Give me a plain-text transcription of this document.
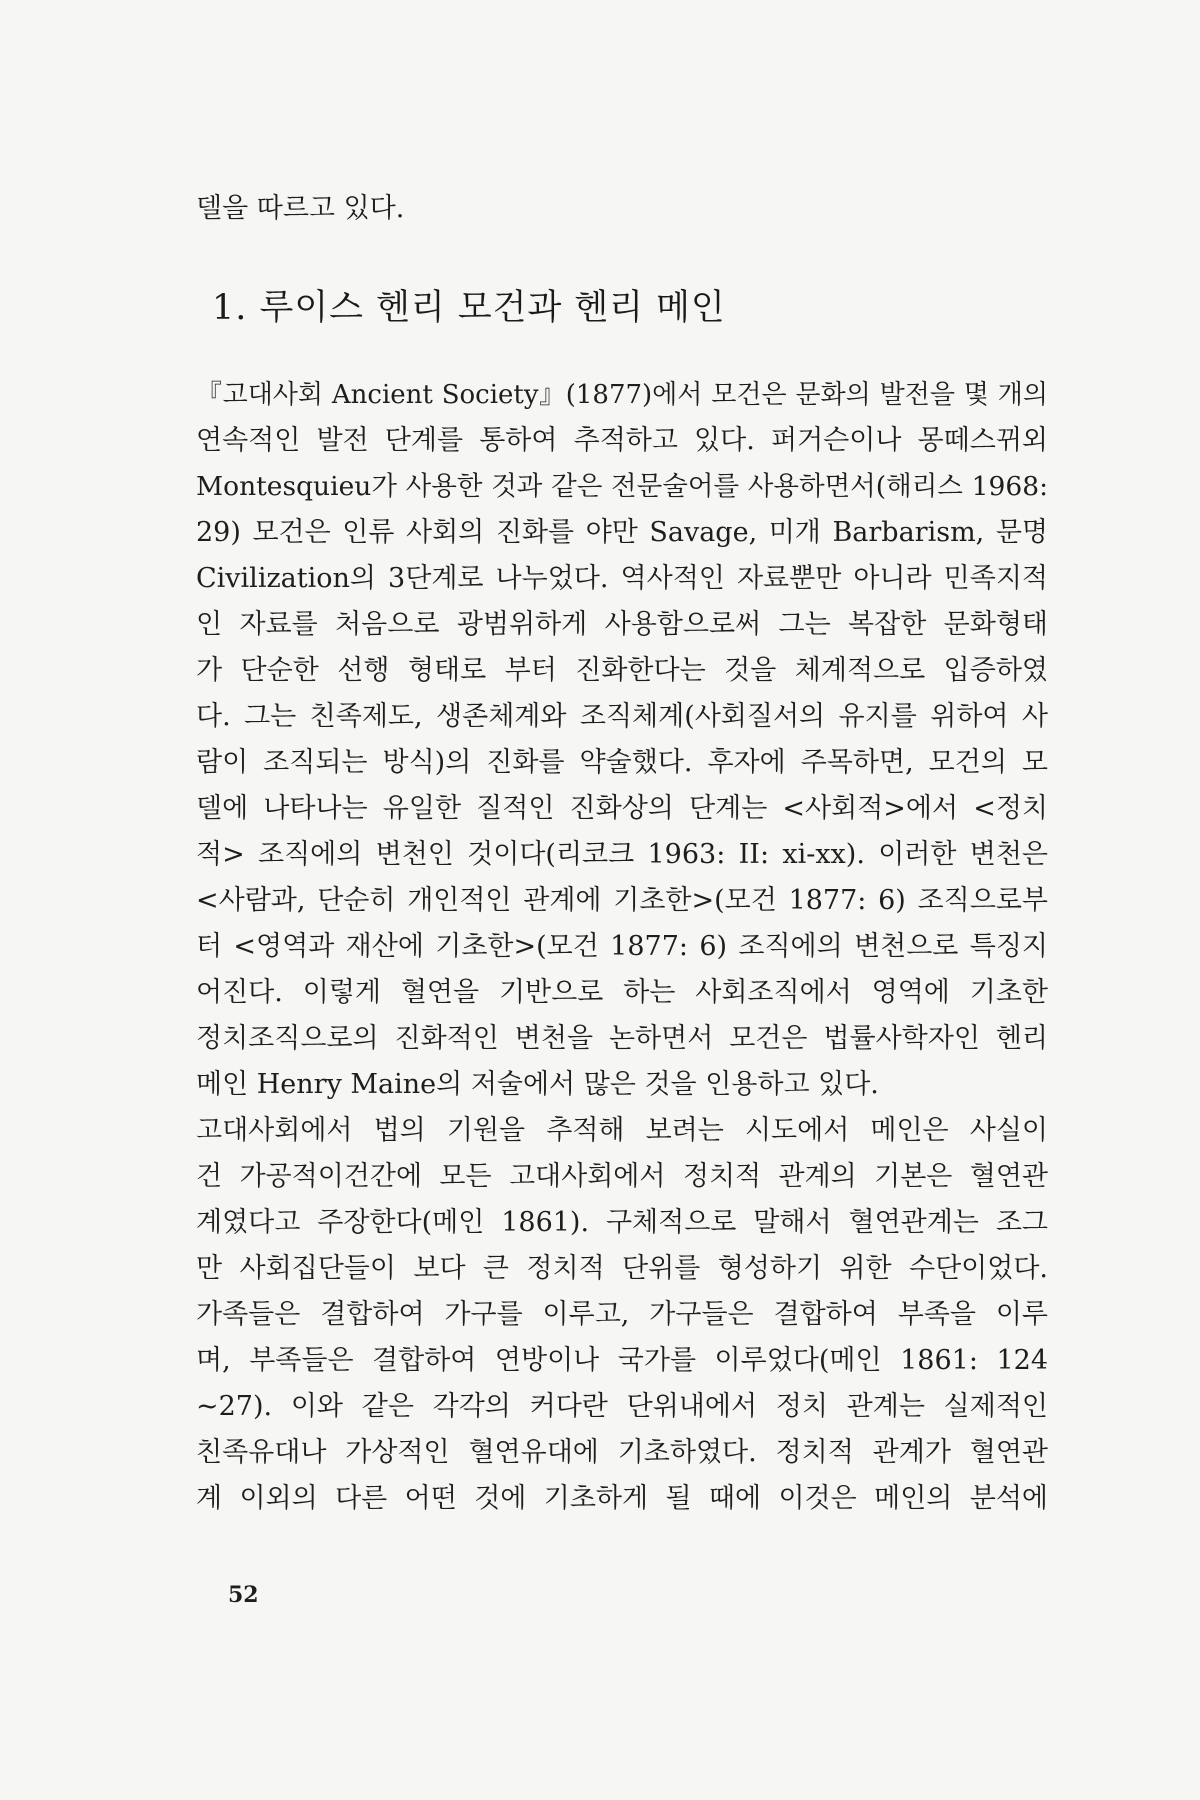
델을 따르고 있다.
1. 루이스 헨리 모건과 헨리 메인
『고대사회 Ancient Society』(1877)에서 모건은 문화의 발전을 몇 개의
연속적인 발전 단계를 통하여 추적하고 있다. 퍼거슨이나 몽떼스뀌외
Montesquieu가 사용한 것과 같은 전문술어를 사용하면서(해리스 1968:
29) 모건은 인류 사회의 진화를 야만 Savage, 미개 Barbarism, 문명
Civilization의 3단계로 나누었다. 역사적인 자료뿐만 아니라 민족지적
인 자료를 처음으로 광범위하게 사용함으로써 그는 복잡한 문화형태
가 단순한 선행 형태로 부터 진화한다는 것을 체계적으로 입증하였
다. 그는 친족제도, 생존체계와 조직체계(사회질서의 유지를 위하여 사
람이 조직되는 방식)의 진화를 약술했다. 후자에 주목하면, 모건의 모
델에 나타나는 유일한 질적인 진화상의 단계는 <사회적>에서 <정치
적> 조직에의 변천인 것이다(리코크 1963: II: xi-xx). 이러한 변천은
<사람과, 단순히 개인적인 관계에 기초한>(모건 1877: 6) 조직으로부
터 <영역과 재산에 기초한>(모건 1877: 6) 조직에의 변천으로 특징지
어진다. 이렇게 혈연을 기반으로 하는 사회조직에서 영역에 기초한
정치조직으로의 진화적인 변천을 논하면서 모건은 법률사학자인 헨리
메인 Henry Maine의 저술에서 많은 것을 인용하고 있다.
고대사회에서 법의 기원을 추적해 보려는 시도에서 메인은 사실이
건 가공적이건간에 모든 고대사회에서 정치적 관계의 기본은 혈연관
계였다고 주장한다(메인 1861). 구체적으로 말해서 혈연관계는 조그
만 사회집단들이 보다 큰 정치적 단위를 형성하기 위한 수단이었다.
가족들은 결합하여 가구를 이루고, 가구들은 결합하여 부족을 이루
며, 부족들은 결합하여 연방이나 국가를 이루었다(메인 1861: 124
~27). 이와 같은 각각의 커다란 단위내에서 정치 관계는 실제적인
친족유대나 가상적인 혈연유대에 기초하였다. 정치적 관계가 혈연관
계 이외의 다른 어떤 것에 기초하게 될 때에 이것은 메인의 분석에
52
